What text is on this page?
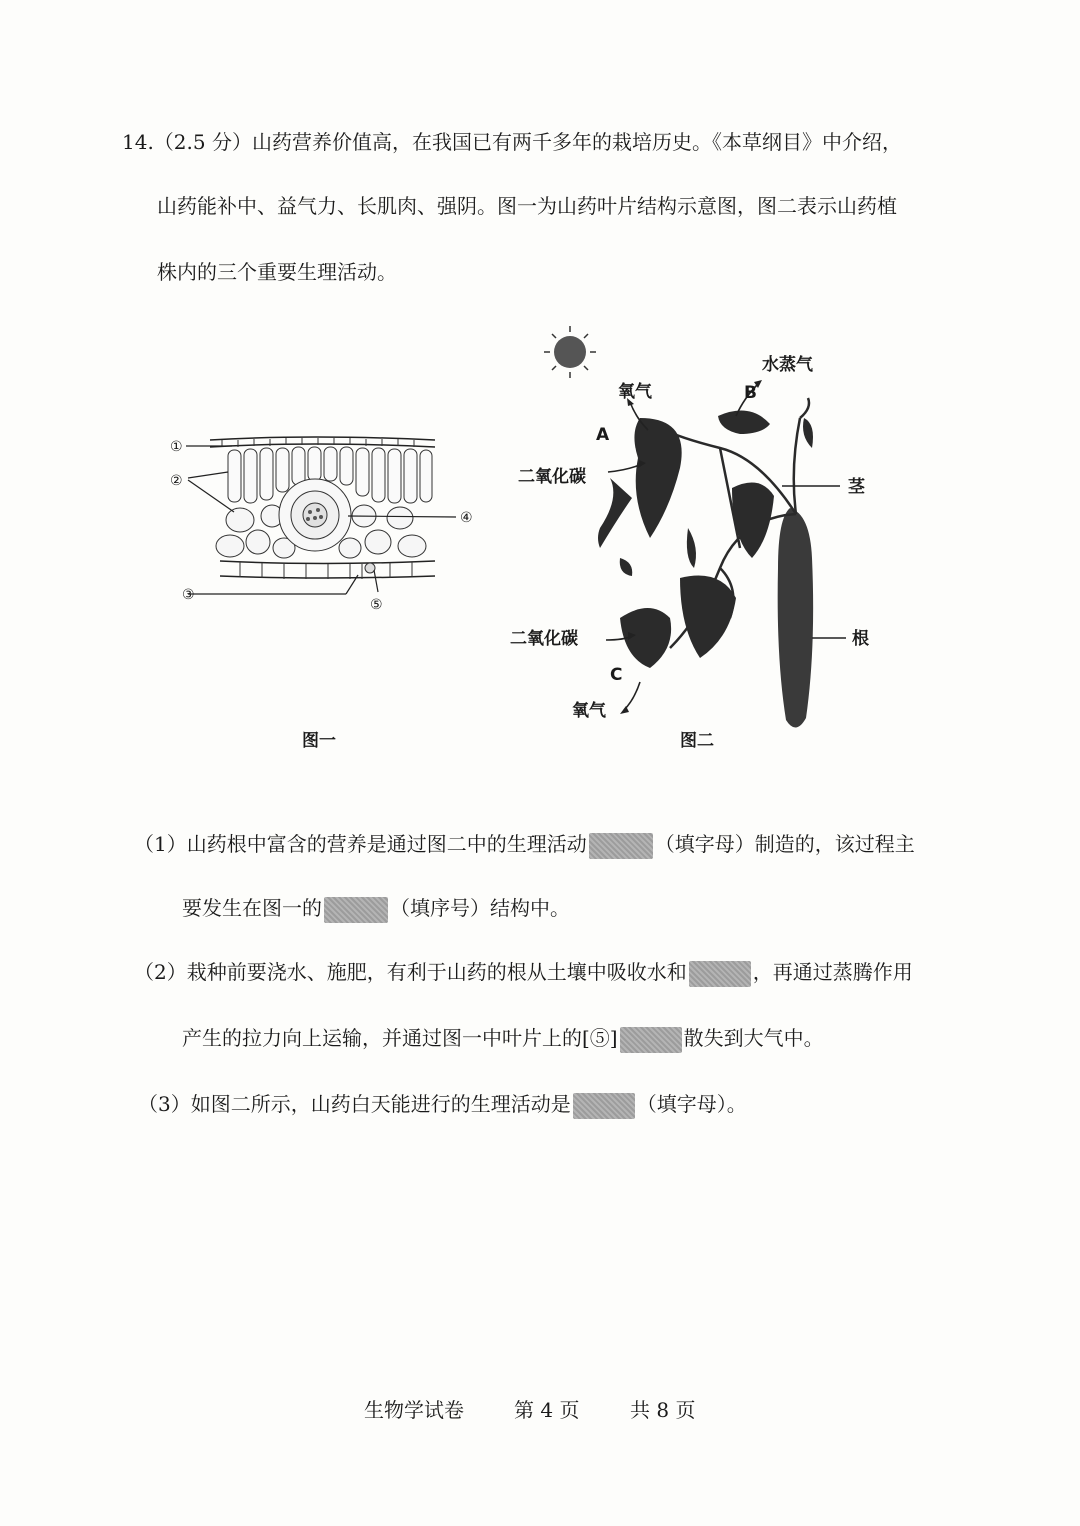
14.（2.5 分）山药营养价值高，在我国已有两千多年的栽培历史。《本草纲目》中介绍，
山药能补中、益气力、长肌肉、强阴。图一为山药叶片结构示意图，图二表示山药植
株内的三个重要生理活动。
①
②
④
③
⑤
图一
水蒸气
氧气	B
A
二氧化碳	茎
二氧化碳	根
C
氧气
图二
（1）山药根中富含的营养是通过图二中的生理活动	（填字母）制造的，该过程主
要发生在图一的	（填序号）结构中。
（2）栽种前要浇水、施肥，有利于山药的根从土壤中吸收水和	，再通过蒸腾作用
产生的拉力向上运输，并通过图一中叶片上的[⑤]	散失到大气中。
（3）如图二所示，山药白天能进行的生理活动是	（填字母）。
生物学试卷	第 4 页	共 8 页
